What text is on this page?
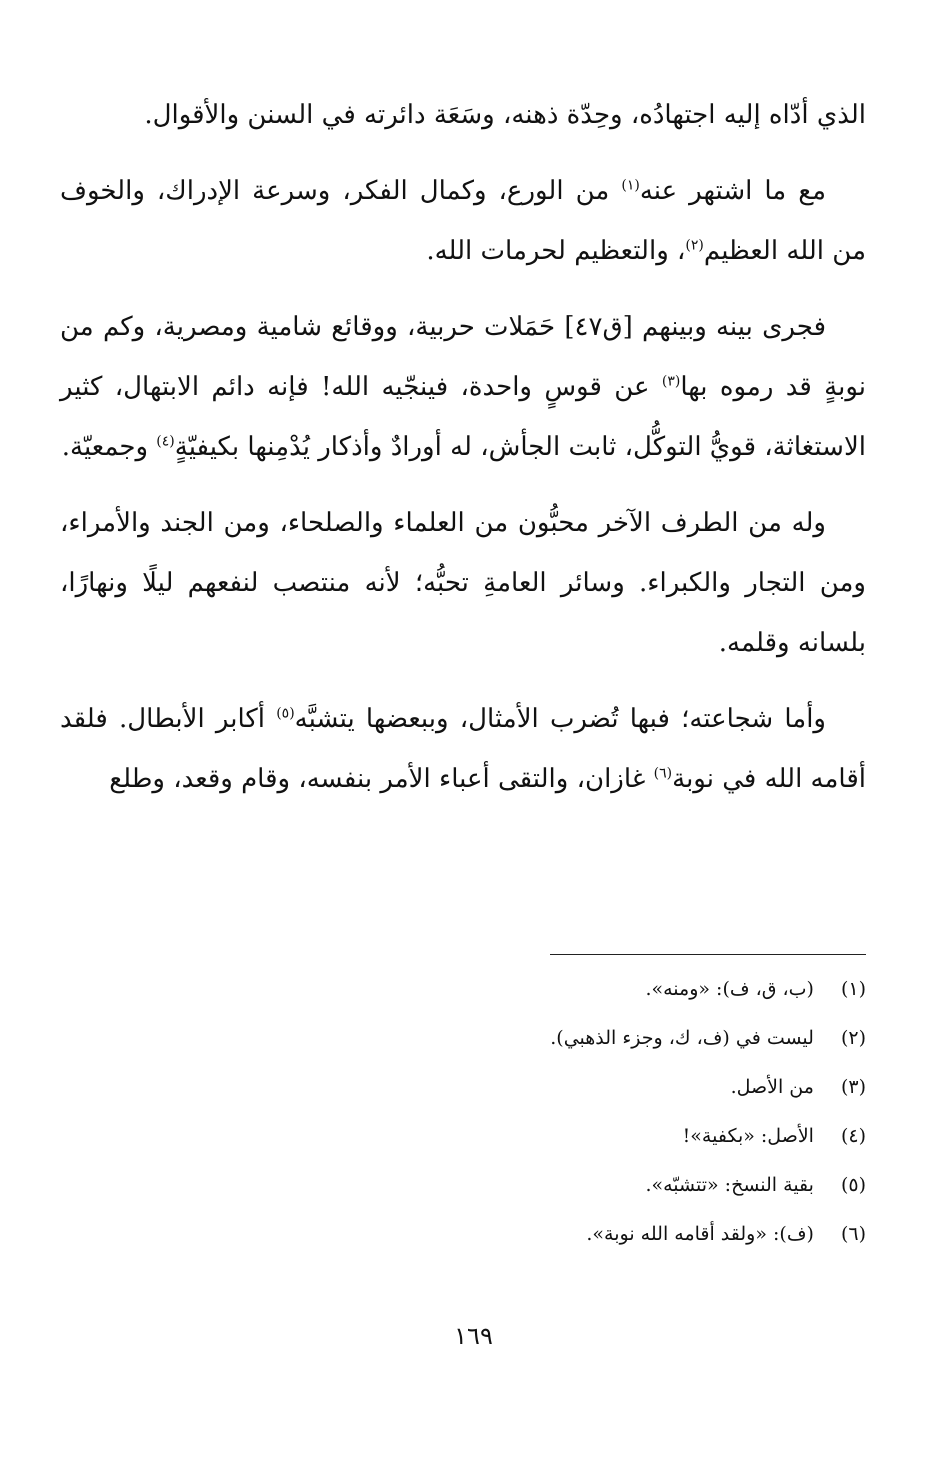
الذي أدّاه إليه اجتهادُه، وحِدّة ذهنه، وسَعَة دائرته في السنن والأقوال.

مع ما اشتهر عنه$^{(١)}$ من الورع، وكمال الفكر، وسرعة الإدراك، والخوف من الله العظيم$^{(٢)}$، والتعظيم لحرمات الله.

فجرى بينه وبينهم [ق٤٧] حَمَلات حربية، ووقائع شامية ومصرية، وكم من نوبةٍ قد رموه بها$^{(٣)}$ عن قوسٍ واحدة، فينجّيه الله! فإنه دائم الابتهال، كثير الاستغاثة، قويُّ التوكُّل، ثابت الجأش، له أورادٌ وأذكار يُدْمِنها بكيفيّةٍ$^{(٤)}$ وجمعيّة.

وله من الطرف الآخر محبُّون من العلماء والصلحاء، ومن الجند والأمراء، ومن التجار والكبراء. وسائر العامةِ تحبُّه؛ لأنه منتصب لنفعهم ليلًا ونهارًا، بلسانه وقلمه.

وأما شجاعته؛ فبها تُضرب الأمثال، وببعضها يتشبَّه$^{(٥)}$ أكابر الأبطال. فلقد أقامه الله في نوبة$^{(٦)}$ غازان، والتقى أعباء الأمر بنفسه، وقام وقعد، وطلع

(١) (ب، ق، ف): «ومنه».
(٢) ليست في (ف، ك، وجزء الذهبي).
(٣) من الأصل.
(٤) الأصل: «بكفية»!
(٥) بقية النسخ: «تتشبّه».
(٦) (ف): «ولقد أقامه الله نوبة».
١٦٩
